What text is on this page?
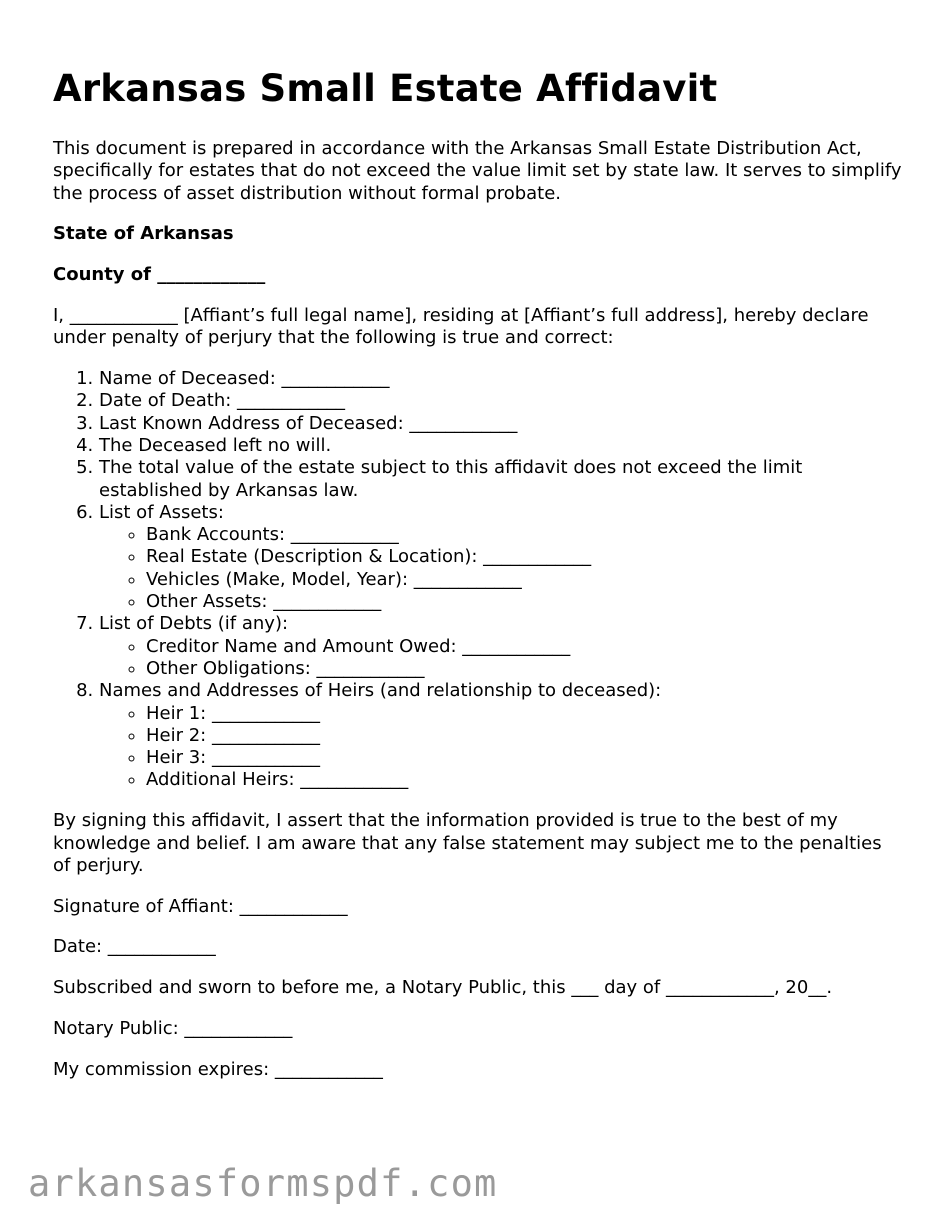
Arkansas Small Estate Affidavit

This document is prepared in accordance with the Arkansas Small Estate Distribution Act, specifically for estates that do not exceed the value limit set by state law. It serves to simplify the process of asset distribution without formal probate.

State of Arkansas

County of ____________

I, ____________ [Affiant’s full legal name], residing at [Affiant’s full address], hereby declare under penalty of perjury that the following is true and correct:

1. Name of Deceased: ____________
2. Date of Death: ____________
3. Last Known Address of Deceased: ____________
4. The Deceased left no will.
5. The total value of the estate subject to this affidavit does not exceed the limit established by Arkansas law.
6. List of Assets:
◦ Bank Accounts: ____________
◦ Real Estate (Description & Location): ____________
◦ Vehicles (Make, Model, Year): ____________
◦ Other Assets: ____________
7. List of Debts (if any):
◦ Creditor Name and Amount Owed: ____________
◦ Other Obligations: ____________
8. Names and Addresses of Heirs (and relationship to deceased):
◦ Heir 1: ____________
◦ Heir 2: ____________
◦ Heir 3: ____________
◦ Additional Heirs: ____________

By signing this affidavit, I assert that the information provided is true to the best of my knowledge and belief. I am aware that any false statement may subject me to the penalties of perjury.

Signature of Affiant: ____________

Date: ____________

Subscribed and sworn to before me, a Notary Public, this ___ day of ____________, 20__.

Notary Public: ____________

My commission expires: ____________

arkansasformspdf.com
